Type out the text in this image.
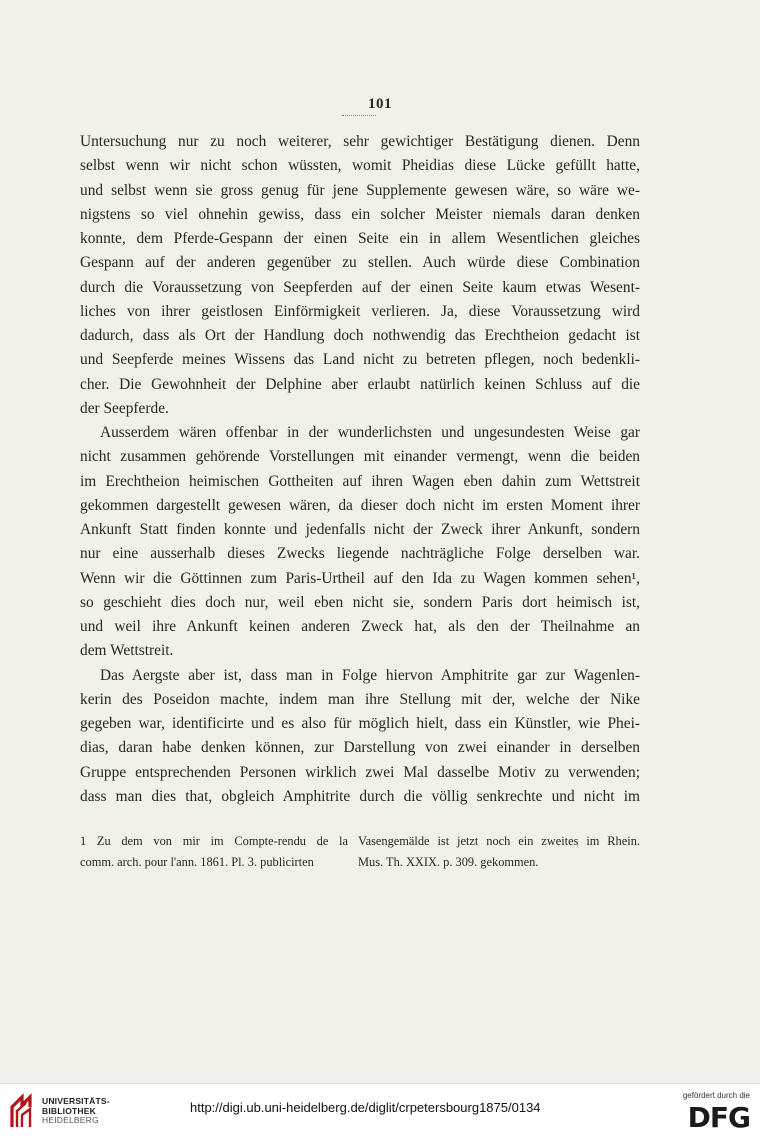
101
Untersuchung nur zu noch weiterer, sehr gewichtiger Bestätigung dienen. Denn
selbst wenn wir nicht schon wüssten, womit Pheidias diese Lücke gefüllt hatte,
und selbst wenn sie gross genug für jene Supplemente gewesen wäre, so wäre we-
nigstens so viel ohnehin gewiss, dass ein solcher Meister niemals daran denken
konnte, dem Pferde-Gespann der einen Seite ein in allem Wesentlichen gleiches
Gespann auf der anderen gegenüber zu stellen. Auch würde diese Combination
durch die Voraussetzung von Seepferden auf der einen Seite kaum etwas Wesent-
liches von ihrer geistlosen Einförmigkeit verlieren. Ja, diese Voraussetzung wird
dadurch, dass als Ort der Handlung doch nothwendig das Erechtheion gedacht ist
und Seepferde meines Wissens das Land nicht zu betreten pflegen, noch bedenkli-
cher. Die Gewohnheit der Delphine aber erlaubt natürlich keinen Schluss auf die
der Seepferde.
Ausserdem wären offenbar in der wunderlichsten und ungesundesten Weise gar
nicht zusammen gehörende Vorstellungen mit einander vermengt, wenn die beiden
im Erechtheion heimischen Gottheiten auf ihren Wagen eben dahin zum Wettstreit
gekommen dargestellt gewesen wären, da dieser doch nicht im ersten Moment ihrer
Ankunft Statt finden konnte und jedenfalls nicht der Zweck ihrer Ankunft, sondern
nur eine ausserhalb dieses Zwecks liegende nachträgliche Folge derselben war.
Wenn wir die Göttinnen zum Paris-Urtheil auf den Ida zu Wagen kommen sehen¹,
so geschieht dies doch nur, weil eben nicht sie, sondern Paris dort heimisch ist,
und weil ihre Ankunft keinen anderen Zweck hat, als den der Theilnahme an
dem Wettstreit.
Das Aergste aber ist, dass man in Folge hiervon Amphitrite gar zur Wagenlen-
kerin des Poseidon machte, indem man ihre Stellung mit der, welche der Nike
gegeben war, identificirte und es also für möglich hielt, dass ein Künstler, wie Phei-
dias, daran habe denken können, zur Darstellung von zwei einander in derselben
Gruppe entsprechenden Personen wirklich zwei Mal dasselbe Motiv zu verwenden;
dass man dies that, obgleich Amphitrite durch die völlig senkrechte und nicht im
1 Zu dem von mir im Compte-rendu de la
comm. arch. pour l'ann. 1861. Pl. 3. publicirten
Vasengemälde ist jetzt noch ein zweites im Rhein.
Mus. Th. XXIX. p. 309. gekommen.
UNIVERSITÄTS-
BIBLIOTHEK
HEIDELBERG
http://digi.ub.uni-heidelberg.de/diglit/crpetersbourg1875/0134
gefördert durch die
DFG
